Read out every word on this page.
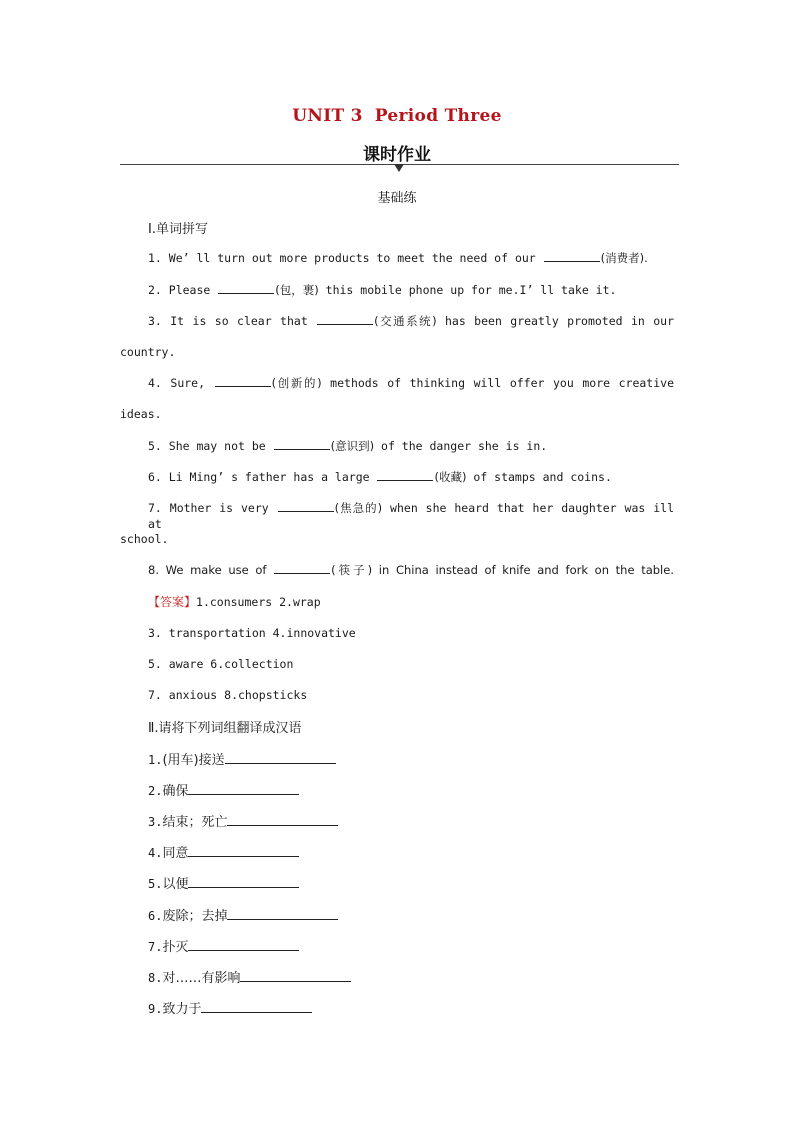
UNIT 3 Period Three
课时作业
基础练
Ⅰ.单词拼写
1. We’ ll turn out more products to meet the need of our	(消费者).
2. Please	(包，裹) this mobile phone up for me.I’ ll take it.
3. It is so clear that	(交通系统) has been greatly promoted in our
country.
4. Sure,	(创新的) methods of thinking will offer you more creative
ideas.
5. She may not be	(意识到) of the danger she is in.
6. Li Ming’ s father has a large	(收藏) of stamps and coins.
7. Mother is very	(焦急的) when she heard that her daughter was ill at
school.
8. We make use of	(筷子) in China instead of knife and fork on the table.
【答案】1.consumers 2.wrap
3. transportation 4.innovative
5. aware 6.collection
7. anxious 8.chopsticks
Ⅱ.请将下列词组翻译成汉语
1.(用车)接送
2.确保
3.结束；死亡
4.同意
5.以便
6.废除；去掉
7.扑灭
8.对……有影响
9.致力于
